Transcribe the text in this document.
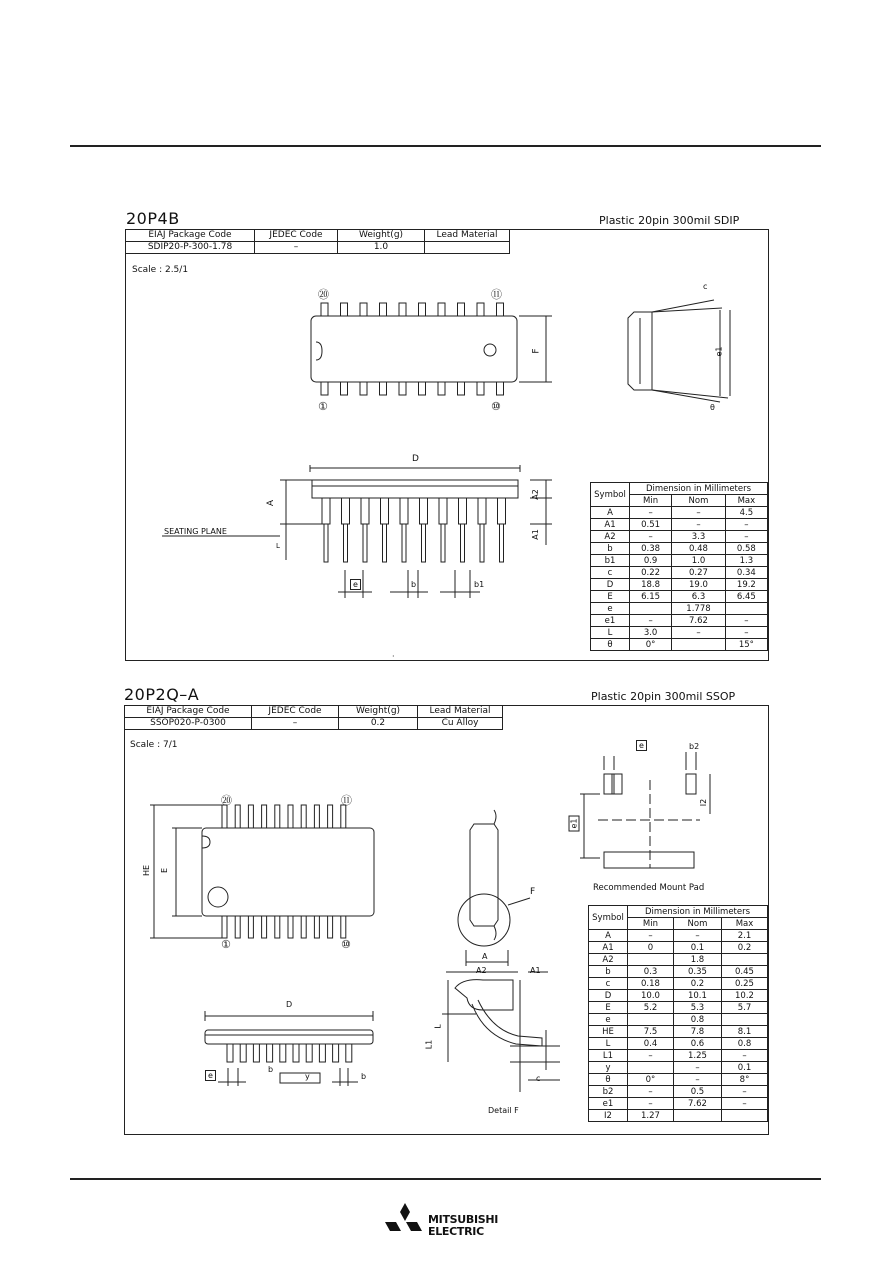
20P4B	Plastic 20pin 300mil SDIP
EIAJ Package Code	JEDEC Code	Weight(g)	Lead Material
SDIP20-P-300-1.78	–	1.0	
Scale : 2.5/1
·
⑳	⑪
①	⑩
F	e1
c
θ
D
A
A2
A1
L
SEATING PLANE
e	b	b1
Symbol	Dimension in Millimeters		
	Min	Nom	Max
A	–	–	4.5
A1	0.51	–	–
A2	–	3.3	–
b	0.38	0.48	0.58
b1	0.9	1.0	1.3
c	0.22	0.27	0.34
D	18.8	19.0	19.2
E	6.15	6.3	6.45
e		1.778	
e1	–	7.62	–
L	3.0	–	–
θ	0°		15°
20P2Q–A	Plastic 20pin 300mil SSOP
EIAJ Package Code	JEDEC Code	Weight(g)	Lead Material
SSOP020-P-0300	–	0.2	Cu Alloy
Scale : 7/1
⑳	⑪
①	⑩
HE E
D
e	y
b
b
F
A
A2	A1
L1
L
c
Detail F
Recommended Mount Pad
e	b2
e1
I2
Symbol	Dimension in Millimeters		
	Min	Nom	Max
A	–	–	2.1
A1	0	0.1	0.2
A2		1.8	
b	0.3	0.35	0.45
c	0.18	0.2	0.25
D	10.0	10.1	10.2
E	5.2	5.3	5.7
e		0.8	
HE	7.5	7.8	8.1
L	0.4	0.6	0.8
L1	–	1.25	–
y		–	0.1
θ	0°	–	8°
b2	–	0.5	–
e1	–	7.62	–
I2	1.27		
MITSUBISHI
ELECTRIC
